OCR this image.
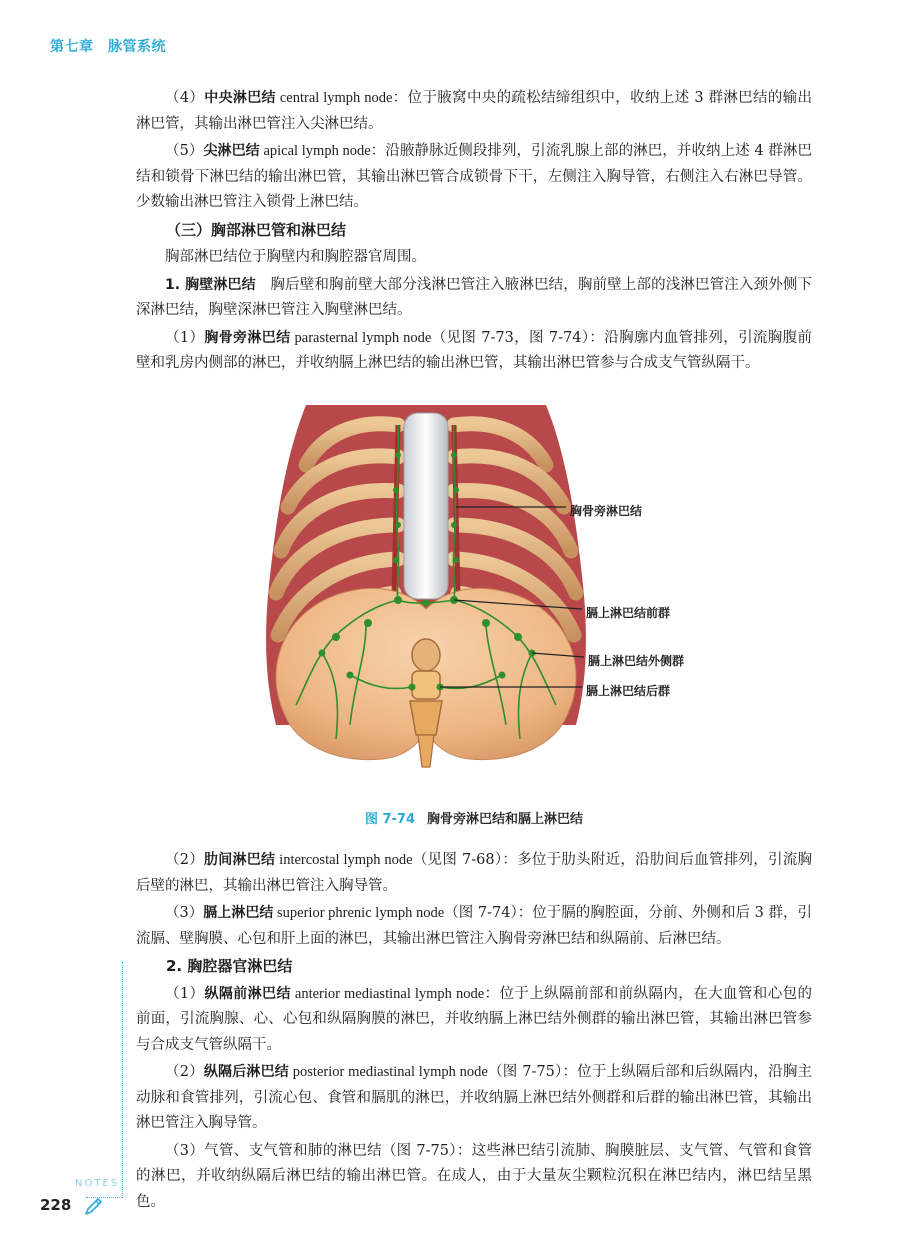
第七章　脉管系统

（4）中央淋巴结 central lymph node：位于腋窝中央的疏松结缔组织中，收纳上述 3 群淋巴结的输出淋巴管，其输出淋巴管注入尖淋巴结。

（5）尖淋巴结 apical lymph node：沿腋静脉近侧段排列，引流乳腺上部的淋巴，并收纳上述 4 群淋巴结和锁骨下淋巴结的输出淋巴管，其输出淋巴管合成锁骨下干，左侧注入胸导管，右侧注入右淋巴导管。少数输出淋巴管注入锁骨上淋巴结。

（三）胸部淋巴管和淋巴结

胸部淋巴结位于胸壁内和胸腔器官周围。

1. 胸壁淋巴结　胸后壁和胸前壁大部分浅淋巴管注入腋淋巴结，胸前壁上部的浅淋巴管注入颈外侧下深淋巴结，胸壁深淋巴管注入胸壁淋巴结。

（1）胸骨旁淋巴结 parasternal lymph node（见图 7-73，图 7-74）：沿胸廓内血管排列，引流胸腹前壁和乳房内侧部的淋巴，并收纳膈上淋巴结的输出淋巴管，其输出淋巴管参与合成支气管纵隔干。

胸骨旁淋巴结
膈上淋巴结前群
膈上淋巴结外侧群
膈上淋巴结后群
图 7-74 胸骨旁淋巴结和膈上淋巴结

（2）肋间淋巴结 intercostal lymph node（见图 7-68）：多位于肋头附近，沿肋间后血管排列，引流胸后壁的淋巴，其输出淋巴管注入胸导管。

（3）膈上淋巴结 superior phrenic lymph node（图 7-74）：位于膈的胸腔面，分前、外侧和后 3 群，引流膈、壁胸膜、心包和肝上面的淋巴，其输出淋巴管注入胸骨旁淋巴结和纵隔前、后淋巴结。

2. 胸腔器官淋巴结

（1）纵隔前淋巴结 anterior mediastinal lymph node：位于上纵隔前部和前纵隔内，在大血管和心包的前面，引流胸腺、心、心包和纵隔胸膜的淋巴，并收纳膈上淋巴结外侧群的输出淋巴管，其输出淋巴管参与合成支气管纵隔干。

（2）纵隔后淋巴结 posterior mediastinal lymph node（图 7-75）：位于上纵隔后部和后纵隔内，沿胸主动脉和食管排列，引流心包、食管和膈肌的淋巴，并收纳膈上淋巴结外侧群和后群的输出淋巴管，其输出淋巴管注入胸导管。

（3）气管、支气管和肺的淋巴结（图 7-75）：这些淋巴结引流肺、胸膜脏层、支气管、气管和食管的淋巴，并收纳纵隔后淋巴结的输出淋巴管。在成人，由于大量灰尘颗粒沉积在淋巴结内，淋巴结呈黑色。

NOTES
228
